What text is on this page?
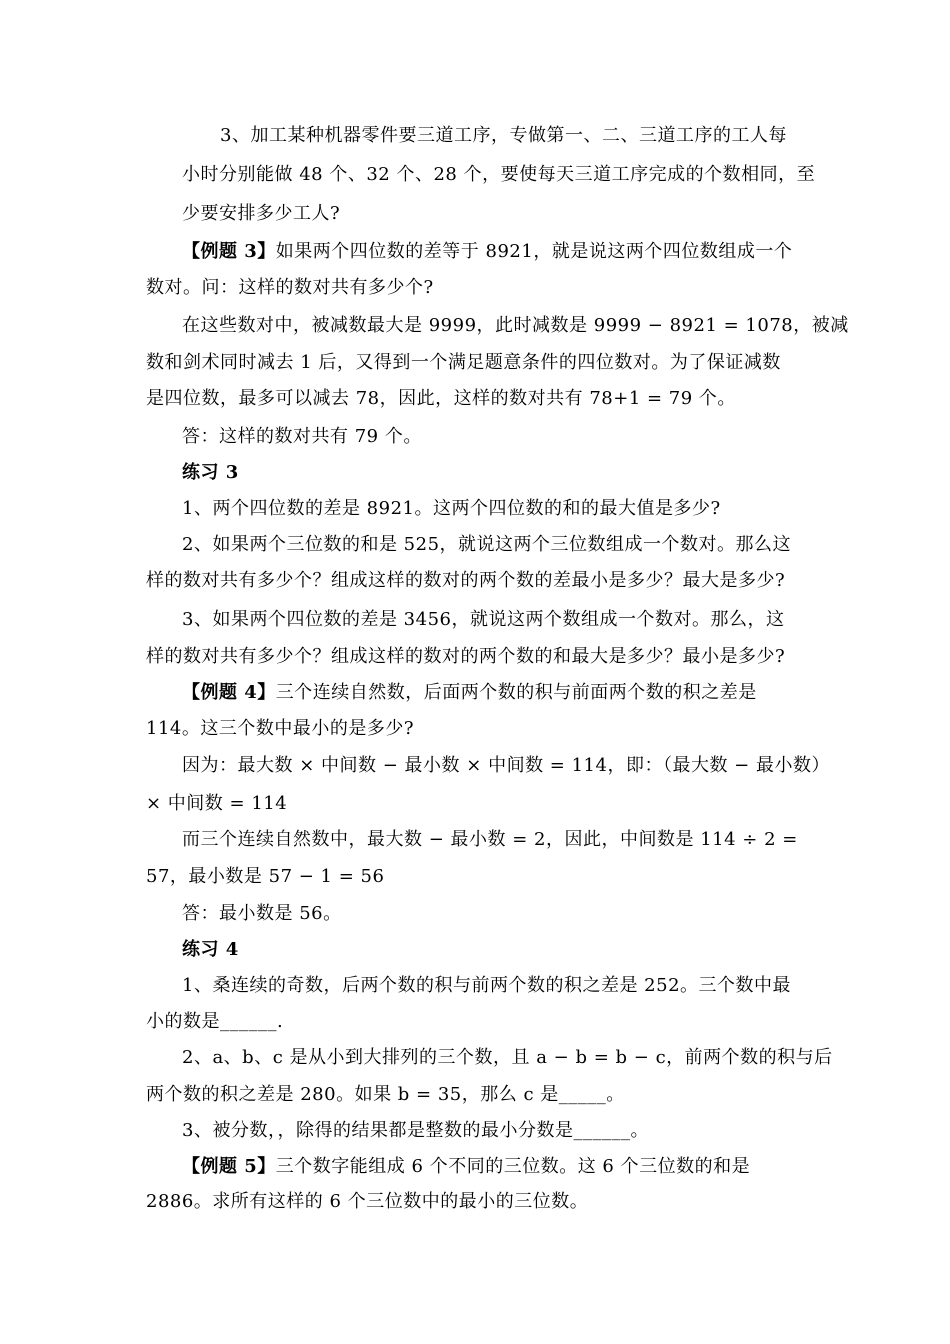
3、加工某种机器零件要三道工序，专做第一、二、三道工序的工人每
小时分别能做 48 个、32 个、28 个，要使每天三道工序完成的个数相同，至
少要安排多少工人?
【例题 3】如果两个四位数的差等于 8921，就是说这两个四位数组成一个
数对。问：这样的数对共有多少个?
在这些数对中，被减数最大是 9999，此时减数是 9999 − 8921 = 1078，被减
数和剑术同时减去 1 后，又得到一个满足题意条件的四位数对。为了保证减数
是四位数，最多可以减去 78，因此，这样的数对共有 78+1 = 79 个。
答：这样的数对共有 79 个。
练习 3
1、两个四位数的差是 8921。这两个四位数的和的最大值是多少?
2、如果两个三位数的和是 525，就说这两个三位数组成一个数对。那么这
样的数对共有多少个？组成这样的数对的两个数的差最小是多少？最大是多少?
3、如果两个四位数的差是 3456，就说这两个数组成一个数对。那么，这
样的数对共有多少个？组成这样的数对的两个数的和最大是多少？最小是多少?
【例题 4】三个连续自然数，后面两个数的积与前面两个数的积之差是
114。这三个数中最小的是多少?
因为：最大数 × 中间数 − 最小数 × 中间数 = 114，即：（最大数 − 最小数）
× 中间数 = 114
而三个连续自然数中，最大数 − 最小数 = 2，因此，中间数是 114 ÷ 2 =
57，最小数是 57 − 1 = 56
答：最小数是 56。
练习 4
1、桑连续的奇数，后两个数的积与前两个数的积之差是 252。三个数中最
小的数是______.
2、a、b、c 是从小到大排列的三个数，且 a − b = b − c，前两个数的积与后
两个数的积之差是 280。如果 b = 35，那么 c 是_____。
3、被分数，，除得的结果都是整数的最小分数是______。
【例题 5】三个数字能组成 6 个不同的三位数。这 6 个三位数的和是
2886。求所有这样的 6 个三位数中的最小的三位数。
